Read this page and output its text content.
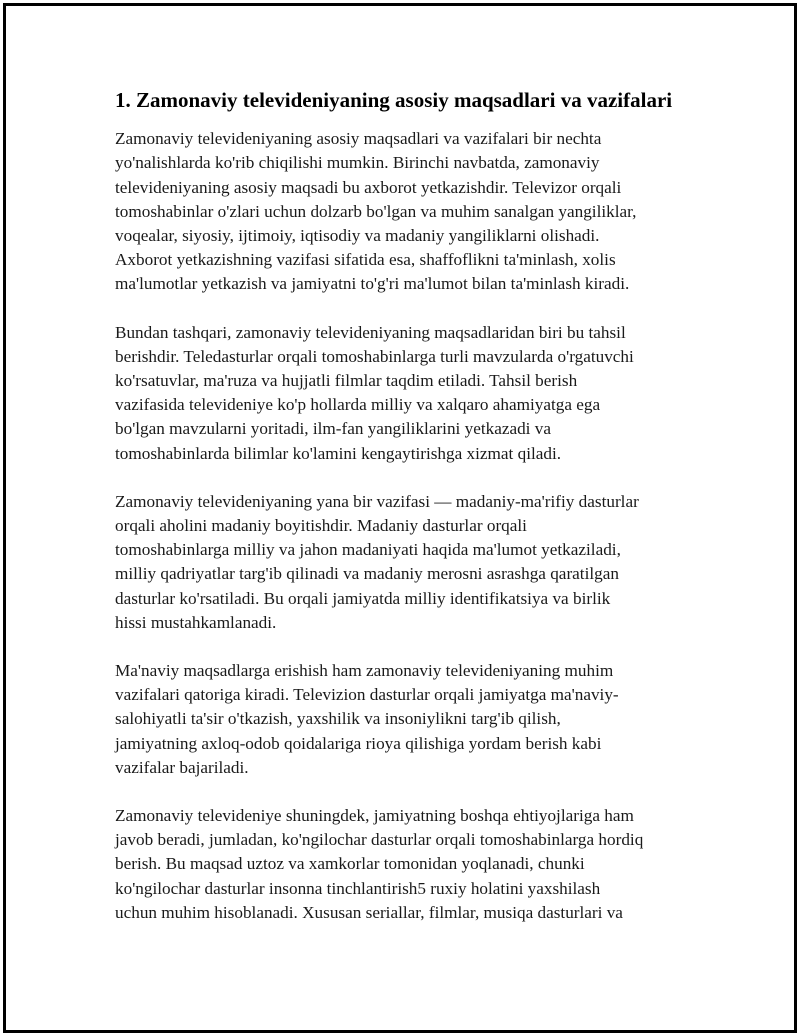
1. Zamonaviy televideniyaning asosiy maqsadlari va vazifalari

Zamonaviy televideniyaning asosiy maqsadlari va vazifalari bir nechta
yo'nalishlarda ko'rib chiqilishi mumkin. Birinchi navbatda, zamonaviy
televideniyaning asosiy maqsadi bu axborot yetkazishdir. Televizor orqali
tomoshabinlar o'zlari uchun dolzarb bo'lgan va muhim sanalgan yangiliklar,
voqealar, siyosiy, ijtimoiy, iqtisodiy va madaniy yangiliklarni olishadi.
Axborot yetkazishning vazifasi sifatida esa, shaffoflikni ta'minlash, xolis
ma'lumotlar yetkazish va jamiyatni to'g'ri ma'lumot bilan ta'minlash kiradi.

Bundan tashqari, zamonaviy televideniyaning maqsadlaridan biri bu tahsil
berishdir. Teledasturlar orqali tomoshabinlarga turli mavzularda o'rgatuvchi
ko'rsatuvlar, ma'ruza va hujjatli filmlar taqdim etiladi. Tahsil berish
vazifasida televideniye ko'p hollarda milliy va xalqaro ahamiyatga ega
bo'lgan mavzularni yoritadi, ilm-fan yangiliklarini yetkazadi va
tomoshabinlarda bilimlar ko'lamini kengaytirishga xizmat qiladi.

Zamonaviy televideniyaning yana bir vazifasi — madaniy-ma'rifiy dasturlar
orqali aholini madaniy boyitishdir. Madaniy dasturlar orqali
tomoshabinlarga milliy va jahon madaniyati haqida ma'lumot yetkaziladi,
milliy qadriyatlar targ'ib qilinadi va madaniy merosni asrashga qaratilgan
dasturlar ko'rsatiladi. Bu orqali jamiyatda milliy identifikatsiya va birlik
hissi mustahkamlanadi.

Ma'naviy maqsadlarga erishish ham zamonaviy televideniyaning muhim
vazifalari qatoriga kiradi. Televizion dasturlar orqali jamiyatga ma'naviy-
salohiyatli ta'sir o'tkazish, yaxshilik va insoniylikni targ'ib qilish,
jamiyatning axloq-odob qoidalariga rioya qilishiga yordam berish kabi
vazifalar bajariladi.

Zamonaviy televideniye shuningdek, jamiyatning boshqa ehtiyojlariga ham
javob beradi, jumladan, ko'ngilochar dasturlar orqali tomoshabinlarga hordiq
berish. Bu maqsad uztoz va xamkorlar tomonidan yoqlanadi, chunki
ko'ngilochar dasturlar insonna tinchlantirish5 ruxiy holatini yaxshilash
uchun muhim hisoblanadi. Xususan seriallar, filmlar, musiqa dasturlari va
